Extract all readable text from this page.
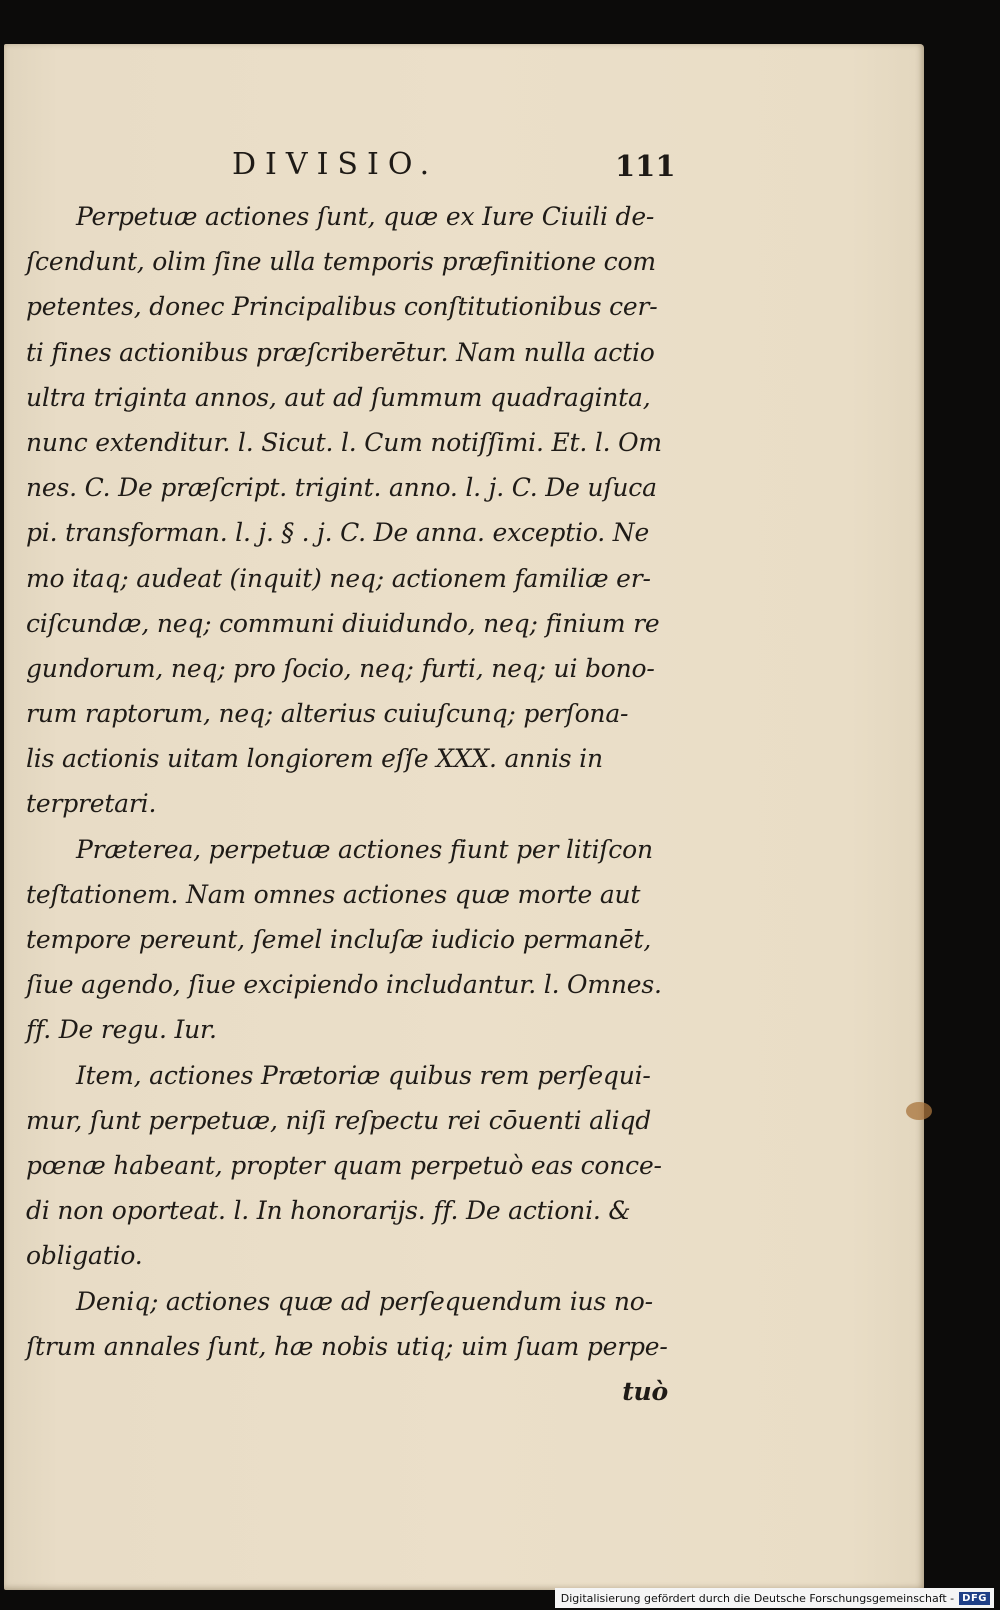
DIVISIO.	111
Perpetuæ actiones ſunt, quæ ex Iure Ciuili de-
ſcendunt, olim ſine ulla temporis præfinitione com
petentes, donec Principalibus conſtitutionibus cer-
ti fines actionibus præſcriberētur. Nam nulla actio
ultra triginta annos, aut ad ſummum quadraginta,
nunc extenditur. l. Sicut. l. Cum notiſſimi. Et. l. Om
nes. C. De præſcript. trigint. anno. l. j. C. De uſuca
pi. transforman. l. j. § . j. C. De anna. exceptio. Ne
mo itaq; audeat (inquit) neq; actionem familiæ er-
ciſcundæ, neq; communi diuidundo, neq; finium re
gundorum, neq; pro ſocio, neq; furti, neq; ui bono-
rum raptorum, neq; alterius cuiuſcunq; perſona-
lis actionis uitam longiorem eſſe XXX. annis in
terpretari.
Præterea, perpetuæ actiones fiunt per litiſcon
teſtationem. Nam omnes actiones quæ morte aut
tempore pereunt, ſemel incluſæ iudicio permanēt,
ſiue agendo, ſiue excipiendo includantur. l. Omnes.
ff. De regu. Iur.
Item, actiones Prætoriæ quibus rem perſequi-
mur, ſunt perpetuæ, niſi reſpectu rei cōuenti aliqd
pœnæ habeant, propter quam perpetuò eas conce-
di non oporteat. l. In honorarijs. ff. De actioni. &
obligatio.
Deniq; actiones quæ ad perſequendum ius no-
ſtrum annales ſunt, hæ nobis utiq; uim ſuam perpe-
tuò
Digitalisierung gefördert durch die Deutsche Forschungsgemeinschaft - DFG
